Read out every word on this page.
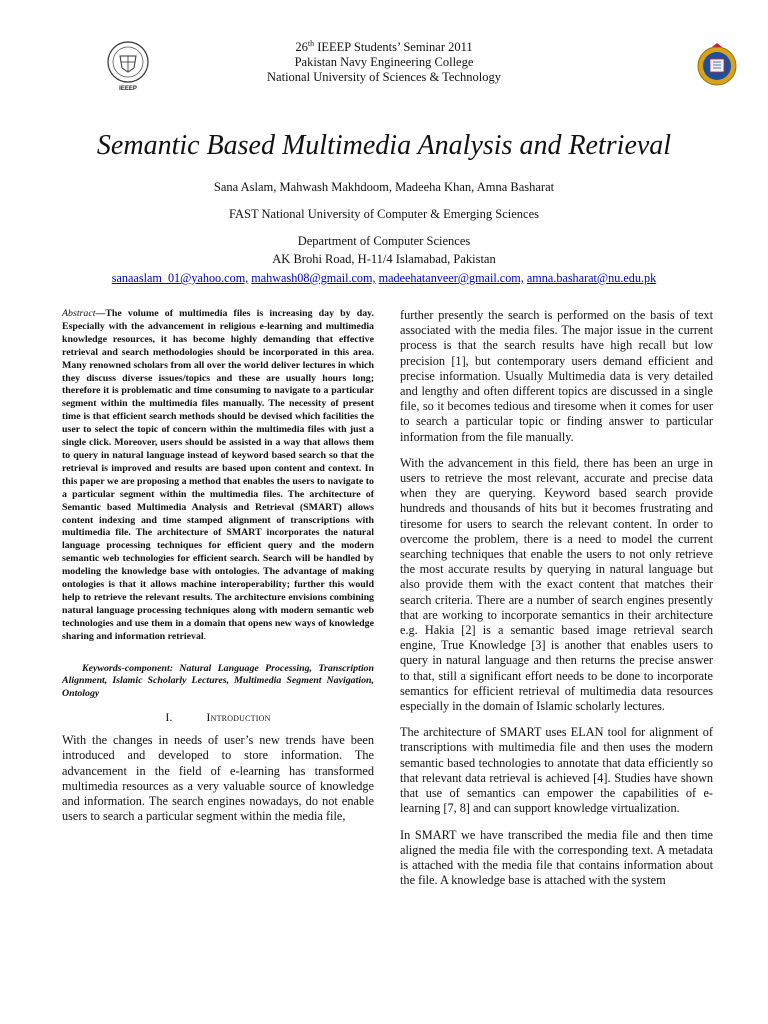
IEEEP
26th IEEEP Students’ Seminar 2011
Pakistan Navy Engineering College
National University of Sciences & Technology
Semantic Based Multimedia Analysis and Retrieval
Sana Aslam, Mahwash Makhdoom, Madeeha Khan, Amna Basharat
FAST National University of Computer & Emerging Sciences
Department of Computer Sciences
AK Brohi Road, H-11/4 Islamabad, Pakistan
sanaaslam_01@yahoo.com, mahwash08@gmail.com, madeehatanveer@gmail.com, amna.basharat@nu.edu.pk

Abstract—The volume of multimedia files is increasing day by day. Especially with the advancement in religious e-learning and multimedia knowledge resources, it has become highly demanding that effective retrieval and search methodologies should be incorporated in this area. Many renowned scholars from all over the world deliver lectures in which they discuss diverse issues/topics and these are usually hours long; therefore it is problematic and time consuming to navigate to a particular segment within the multimedia files manually. The necessity of present time is that efficient search methods should be devised which facilities the user to select the topic of concern within the multimedia files with just a single click. Moreover, users should be assisted in a way that allows them to query in natural language instead of keyword based search so that the retrieval is improved and results are based upon content and context. In this paper we are proposing a method that enables the users to navigate to a particular segment within the multimedia files. The architecture of Semantic based Multimedia Analysis and Retrieval (SMART) allows content indexing and time stamped alignment of transcriptions with multimedia file. The architecture of SMART incorporates the natural language processing techniques for efficient query and the modern semantic web technologies for efficient search. Search will be handled by modeling the knowledge base with ontologies. The advantage of making ontologies is that it allows machine interoperability; further this would help to retrieve the relevant results. The architecture envisions combining natural language processing techniques along with modern semantic web technologies and use them in a domain that opens new ways of knowledge sharing and information retrieval.

Keywords-component: Natural Language Processing, Transcription Alignment, Islamic Scholarly Lectures, Multimedia Segment Navigation, Ontology

I.	Introduction

With the changes in needs of user’s new trends have been introduced and developed to store information. The advancement in the field of e-learning has transformed multimedia resources as a very valuable source of knowledge and information. The search engines nowadays, do not enable users to search a particular segment within the media file,

further presently the search is performed on the basis of text associated with the media files. The major issue in the current process is that the search results have high recall but low precision [1], but contemporary users demand efficient and precise information. Usually Multimedia data is very detailed and lengthy and often different topics are discussed in a single file, so it becomes tedious and tiresome when it comes for user to search a particular topic or finding answer to particular information from the file manually.

With the advancement in this field, there has been an urge in users to retrieve the most relevant, accurate and precise data when they are querying. Keyword based search provide hundreds and thousands of hits but it becomes frustrating and tiresome for users to search the relevant content. In order to overcome the problem, there is a need to model the current searching techniques that enable the users to not only retrieve the most accurate results by querying in natural language but also provide them with the exact content that matches their search criteria. There are a number of search engines presently that are working to incorporate semantics in their architecture e.g. Hakia [2] is a semantic based image retrieval search engine, True Knowledge [3] is another that enables users to query in natural language and then returns the precise answer to that, still a significant effort needs to be done to incorporate semantics for efficient retrieval of multimedia data resources especially in the domain of Islamic scholarly lectures.

The architecture of SMART uses ELAN tool for alignment of transcriptions with multimedia file and then uses the modern semantic based technologies to annotate that data efficiently so that relevant data retrieval is achieved [4]. Studies have shown that use of semantics can empower the capabilities of e-learning [7, 8] and can support knowledge virtualization.

In SMART we have transcribed the media file and then time aligned the media file with the corresponding text. A metadata is attached with the media file that contains information about the file. A knowledge base is attached with the system
